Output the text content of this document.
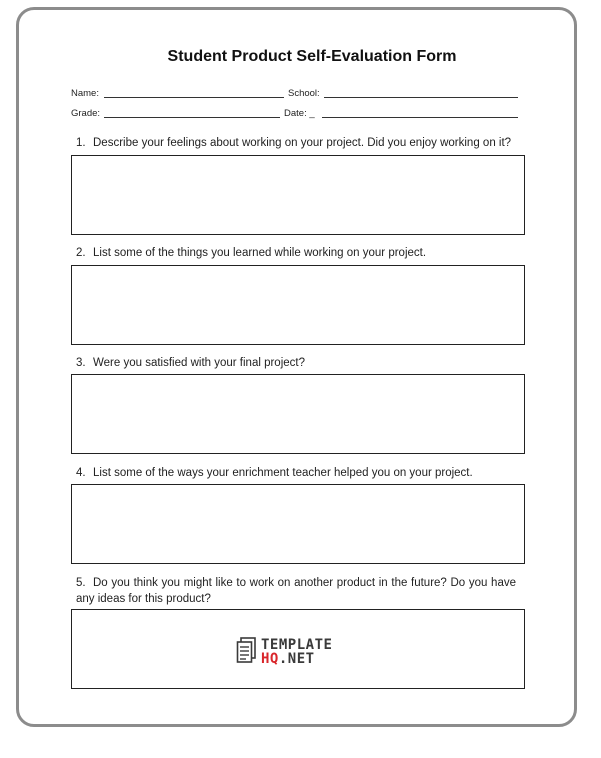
Student Product Self-Evaluation Form
Name:	School:
Grade:	Date: _
1. Describe your feelings about working on your project. Did you enjoy working on it?
2. List some of the things you learned while working on your project.
3. Were you satisfied with your final project?
4. List some of the ways your enrichment teacher helped you on your project.
5. Do you think you might like to work on another product in the future? Do you have any ideas for this product?
TEMPLATE
HQ.NET
